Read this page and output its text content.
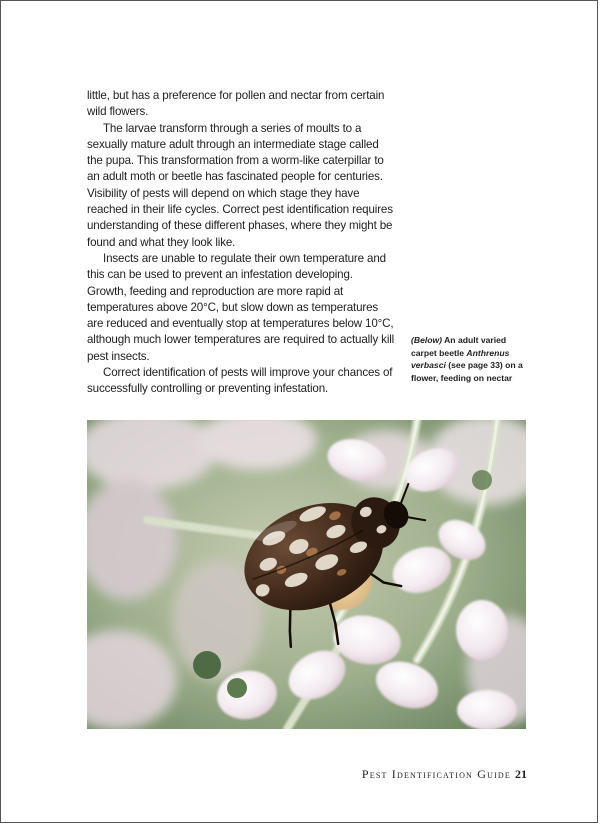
little, but has a preference for pollen and nectar from certain wild flowers.

The larvae transform through a series of moults to a sexually mature adult through an intermediate stage called the pupa. This transformation from a worm-like caterpillar to an adult moth or beetle has fascinated people for centuries. Visibility of pests will depend on which stage they have reached in their life cycles. Correct pest identification requires understanding of these different phases, where they might be found and what they look like.

Insects are unable to regulate their own temperature and this can be used to prevent an infestation developing. Growth, feeding and reproduction are more rapid at temperatures above 20°C, but slow down as temperatures are reduced and eventually stop at temperatures below 10°C, although much lower temperatures are required to actually kill pest insects.

Correct identification of pests will improve your chances of successfully controlling or preventing infestation.

(Below) An adult varied carpet beetle Anthrenus verbasci (see page 33) on a flower, feeding on nectar
Pest Identification Guide 21
